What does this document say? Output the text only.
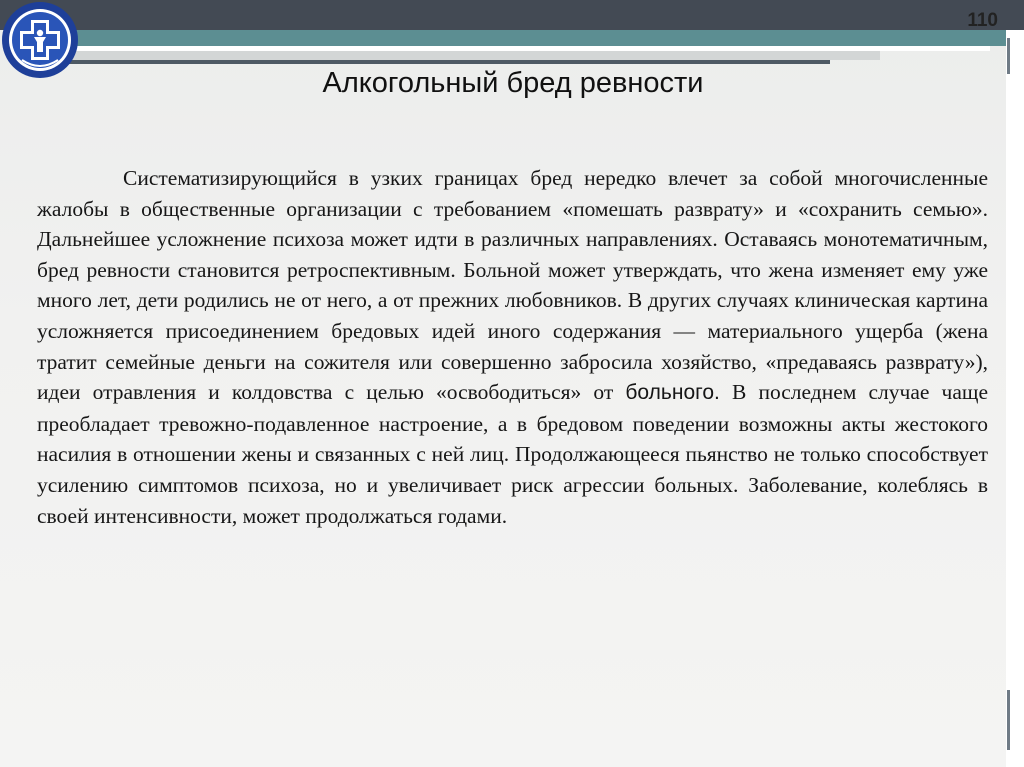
110
Алкогольный бред ревности

Систематизирующийся в узких границах бред нередко влечет за собой многочисленные жалобы в общественные организации с требованием «помешать разврату» и «сохранить семью». Дальнейшее усложнение психоза может идти в различных направлениях. Оставаясь монотематичным, бред ревности становится ретроспективным. Больной может утверждать, что жена изменяет ему уже много лет, дети родились не от него, а от прежних любовников. В других случаях клиническая картина усложняется присоединением бредовых идей иного содержания — материального ущерба (жена тратит семейные деньги на сожителя или совершенно забросила хозяйство, «предаваясь разврату»), идеи отравления и колдовства с целью «освободиться» от больного. В последнем случае чаще преобладает тревожно-подавленное настроение, а в бредовом поведении возможны акты жестокого насилия в отношении жены и связанных с ней лиц. Продолжающееся пьянство не только способствует усилению симптомов психоза, но и увеличивает риск агрессии больных. Заболевание, колеблясь в своей интенсивности, может продолжаться годами.
